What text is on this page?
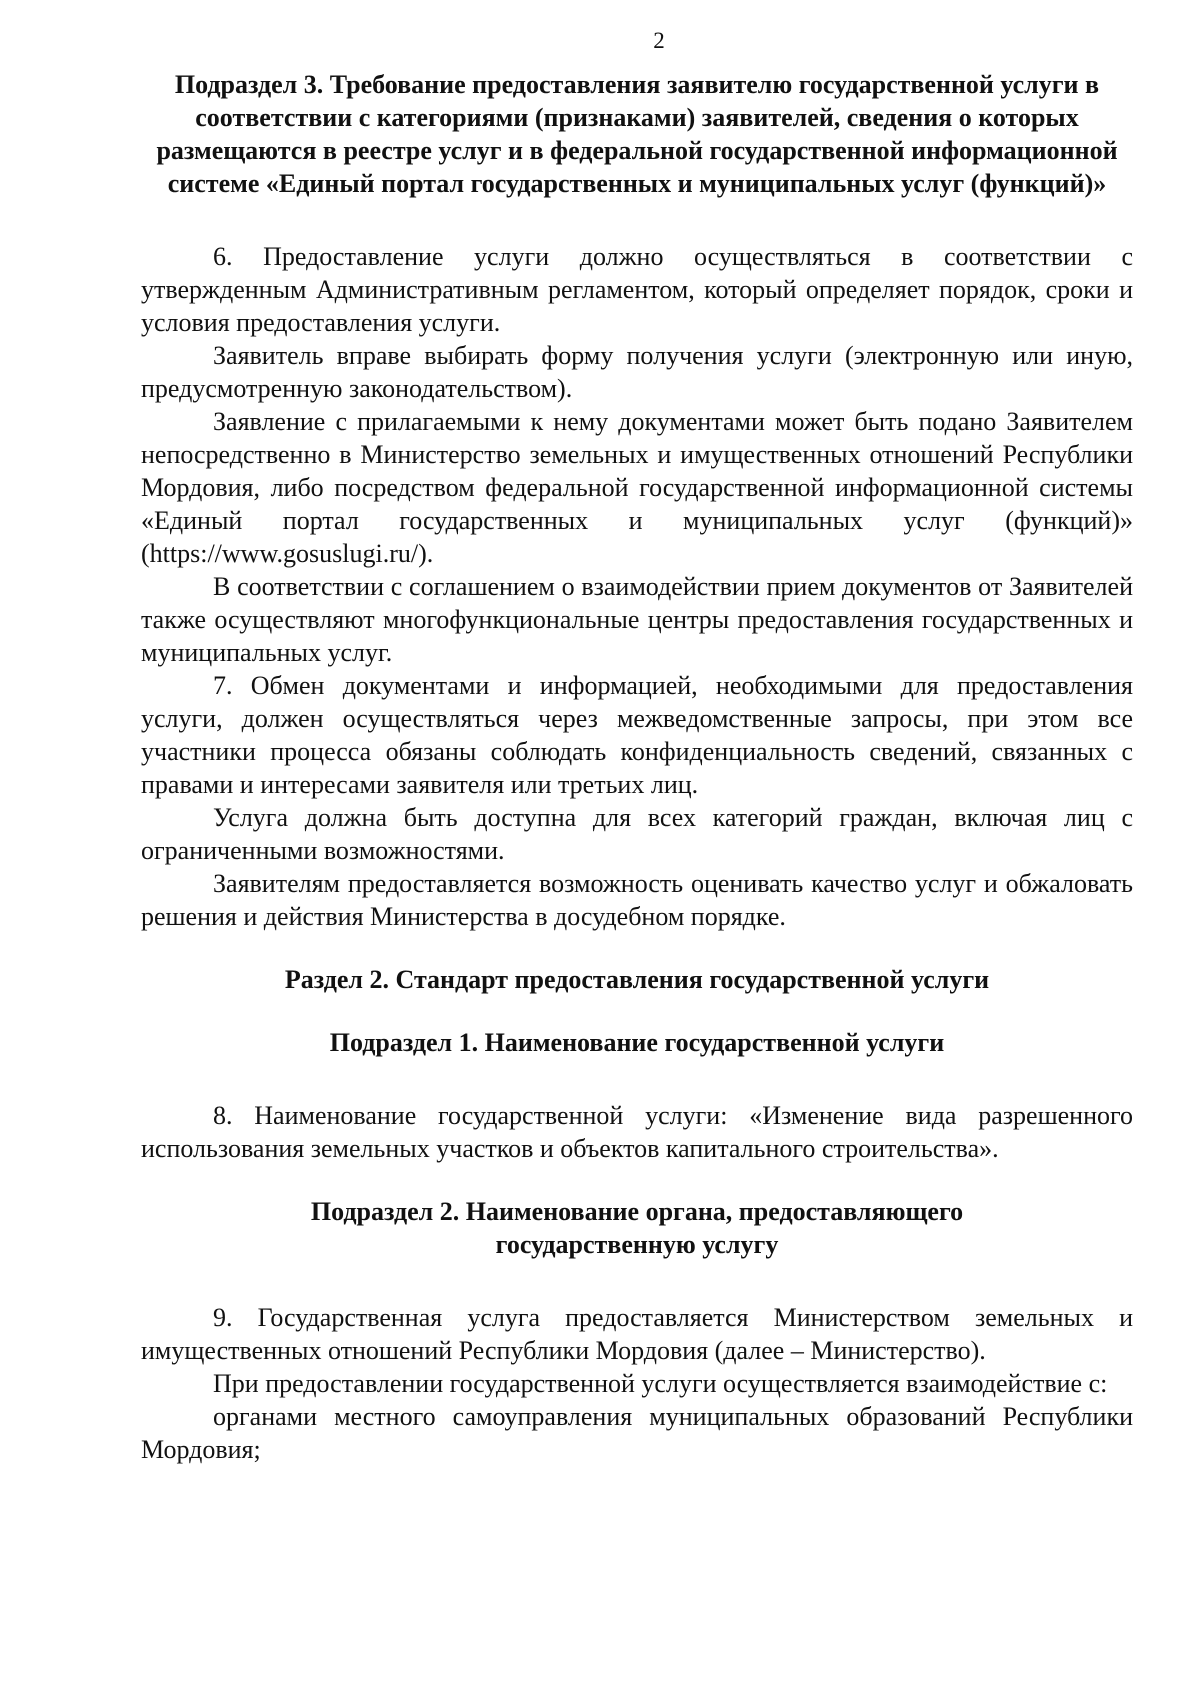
2

Подраздел 3. Требование предоставления заявителю государственной услуги в соответствии с категориями (признаками) заявителей, сведения о которых размещаются в реестре услуг и в федеральной государственной информационной системе «Единый портал государственных и муниципальных услуг (функций)»

6. Предоставление услуги должно осуществляться в соответствии с утвержденным Административным регламентом, который определяет порядок, сроки и условия предоставления услуги.

Заявитель вправе выбирать форму получения услуги (электронную или иную, предусмотренную законодательством).

Заявление с прилагаемыми к нему документами может быть подано Заявителем непосредственно в Министерство земельных и имущественных отношений Республики Мордовия, либо посредством федеральной государственной информационной системы «Единый портал государственных и муниципальных услуг (функций)» (https://www.gosuslugi.ru/).

В соответствии с соглашением о взаимодействии прием документов от Заявителей также осуществляют многофункциональные центры предоставления государственных и муниципальных услуг.

7. Обмен документами и информацией, необходимыми для предоставления услуги, должен осуществляться через межведомственные запросы, при этом все участники процесса обязаны соблюдать конфиденциальность сведений, связанных с правами и интересами заявителя или третьих лиц.

Услуга должна быть доступна для всех категорий граждан, включая лиц с ограниченными возможностями.

Заявителям предоставляется возможность оценивать качество услуг и обжаловать решения и действия Министерства в досудебном порядке.

Раздел 2. Стандарт предоставления государственной услуги

Подраздел 1. Наименование государственной услуги

8. Наименование государственной услуги: «Изменение вида разрешенного использования земельных участков и объектов капитального строительства».

Подраздел 2. Наименование органа, предоставляющего государственную услугу

9. Государственная услуга предоставляется Министерством земельных и имущественных отношений Республики Мордовия (далее – Министерство).

При предоставлении государственной услуги осуществляется взаимодействие с:

органами местного самоуправления муниципальных образований Республики Мордовия;
